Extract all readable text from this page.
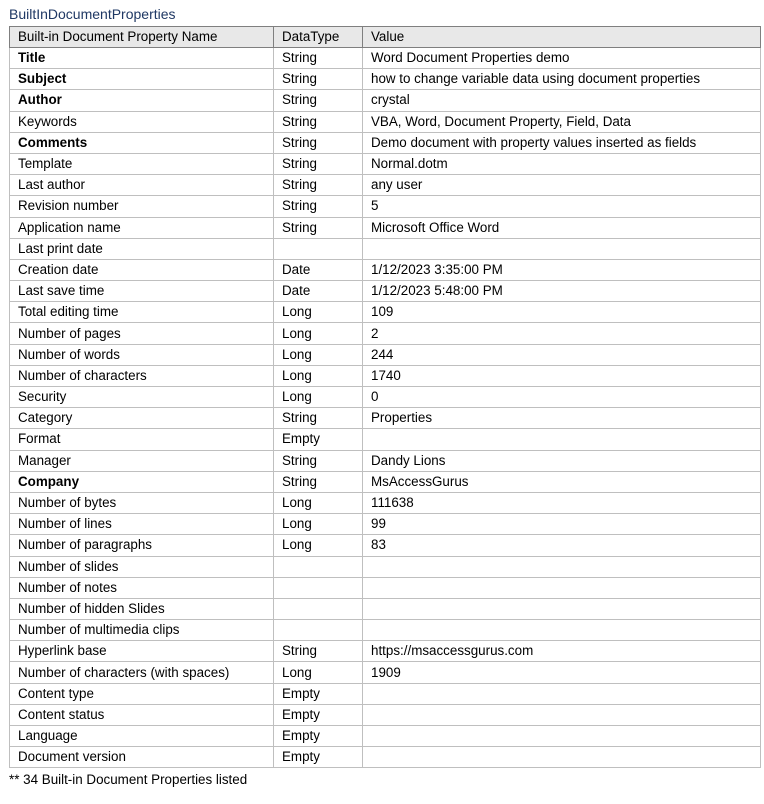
BuiltInDocumentProperties
Built-in Document Property Name	DataType	Value
Title	String	Word Document Properties demo
Subject	String	how to change variable data using document properties
Author	String	crystal
Keywords	String	VBA, Word, Document Property, Field, Data
Comments	String	Demo document with property values inserted as fields
Template	String	Normal.dotm
Last author	String	any user
Revision number	String	5
Application name	String	Microsoft Office Word
Last print date		
Creation date	Date	1/12/2023 3:35:00 PM
Last save time	Date	1/12/2023 5:48:00 PM
Total editing time	Long	109
Number of pages	Long	2
Number of words	Long	244
Number of characters	Long	1740
Security	Long	0
Category	String	Properties
Format	Empty	
Manager	String	Dandy Lions
Company	String	MsAccessGurus
Number of bytes	Long	111638
Number of lines	Long	99
Number of paragraphs	Long	83
Number of slides		
Number of notes		
Number of hidden Slides		
Number of multimedia clips		
Hyperlink base	String	https://msaccessgurus.com
Number of characters (with spaces)	Long	1909
Content type	Empty	
Content status	Empty	
Language	Empty	
Document version	Empty	
** 34 Built-in Document Properties listed
